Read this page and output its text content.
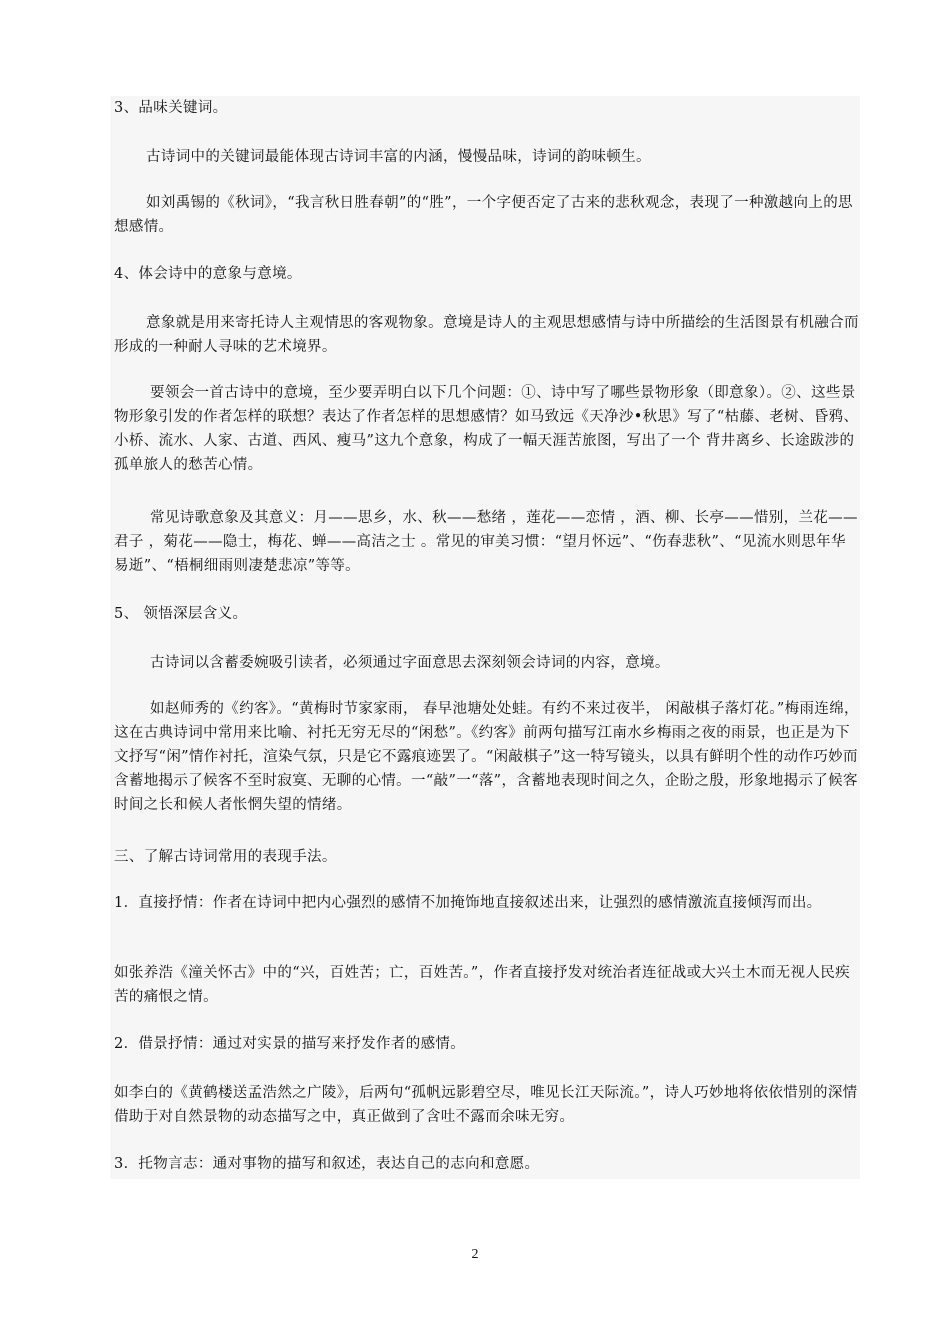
3、品味关键词。

古诗词中的关键词最能体现古诗词丰富的内涵，慢慢品味，诗词的韵味顿生。

如刘禹锡的《秋词》，“我言秋日胜春朝”的“胜”，一个字便否定了古来的悲秋观念，表现了一种激越向上的思想感情。

4、体会诗中的意象与意境。

意象就是用来寄托诗人主观情思的客观物象。意境是诗人的主观思想感情与诗中所描绘的生活图景有机融合而形成的一种耐人寻味的艺术境界。

要领会一首古诗中的意境，至少要弄明白以下几个问题：①、诗中写了哪些景物形象（即意象）。②、这些景物形象引发的作者怎样的联想？表达了作者怎样的思想感情？如马致远《天净沙•秋思》写了“枯藤、老树、昏鸦、小桥、流水、人家、古道、西风、瘦马”这九个意象，构成了一幅天涯苦旅图，写出了一个 背井离乡、长途跋涉的孤单旅人的愁苦心情。

常见诗歌意象及其意义：月——思乡，水、秋——愁绪 ，莲花——恋情 ，酒、柳、长亭——惜别，兰花——君子 ，菊花——隐士，梅花、蝉——高洁之士 。常见的审美习惯：“望月怀远”、“伤春悲秋”、“见流水则思年华易逝”、“梧桐细雨则凄楚悲凉”等等。

5、 领悟深层含义。

古诗词以含蓄委婉吸引读者，必须通过字面意思去深刻领会诗词的内容，意境。

如赵师秀的《约客》。“黄梅时节家家雨， 春早池塘处处蛙。有约不来过夜半， 闲敲棋子落灯花。”梅雨连绵，这在古典诗词中常用来比喻、衬托无穷无尽的“闲愁”。《约客》前两句描写江南水乡梅雨之夜的雨景，也正是为下文抒写“闲”情作衬托，渲染气氛，只是它不露痕迹罢了。“闲敲棋子”这一特写镜头，以具有鲜明个性的动作巧妙而含蓄地揭示了候客不至时寂寞、无聊的心情。一“敲”一“落”，含蓄地表现时间之久，企盼之殷，形象地揭示了候客时间之长和候人者怅惘失望的情绪。

三、了解古诗词常用的表现手法。

1．直接抒情：作者在诗词中把内心强烈的感情不加掩饰地直接叙述出来，让强烈的感情激流直接倾泻而出。

如张养浩《潼关怀古》中的“兴，百姓苦；亡，百姓苦。”，作者直接抒发对统治者连征战或大兴土木而无视人民疾苦的痛恨之情。

2．借景抒情：通过对实景的描写来抒发作者的感情。

如李白的《黄鹤楼送孟浩然之广陵》，后两句“孤帆远影碧空尽，唯见长江天际流。”，诗人巧妙地将依依惜别的深情借助于对自然景物的动态描写之中，真正做到了含吐不露而余味无穷。

3．托物言志：通对事物的描写和叙述，表达自己的志向和意愿。

2
